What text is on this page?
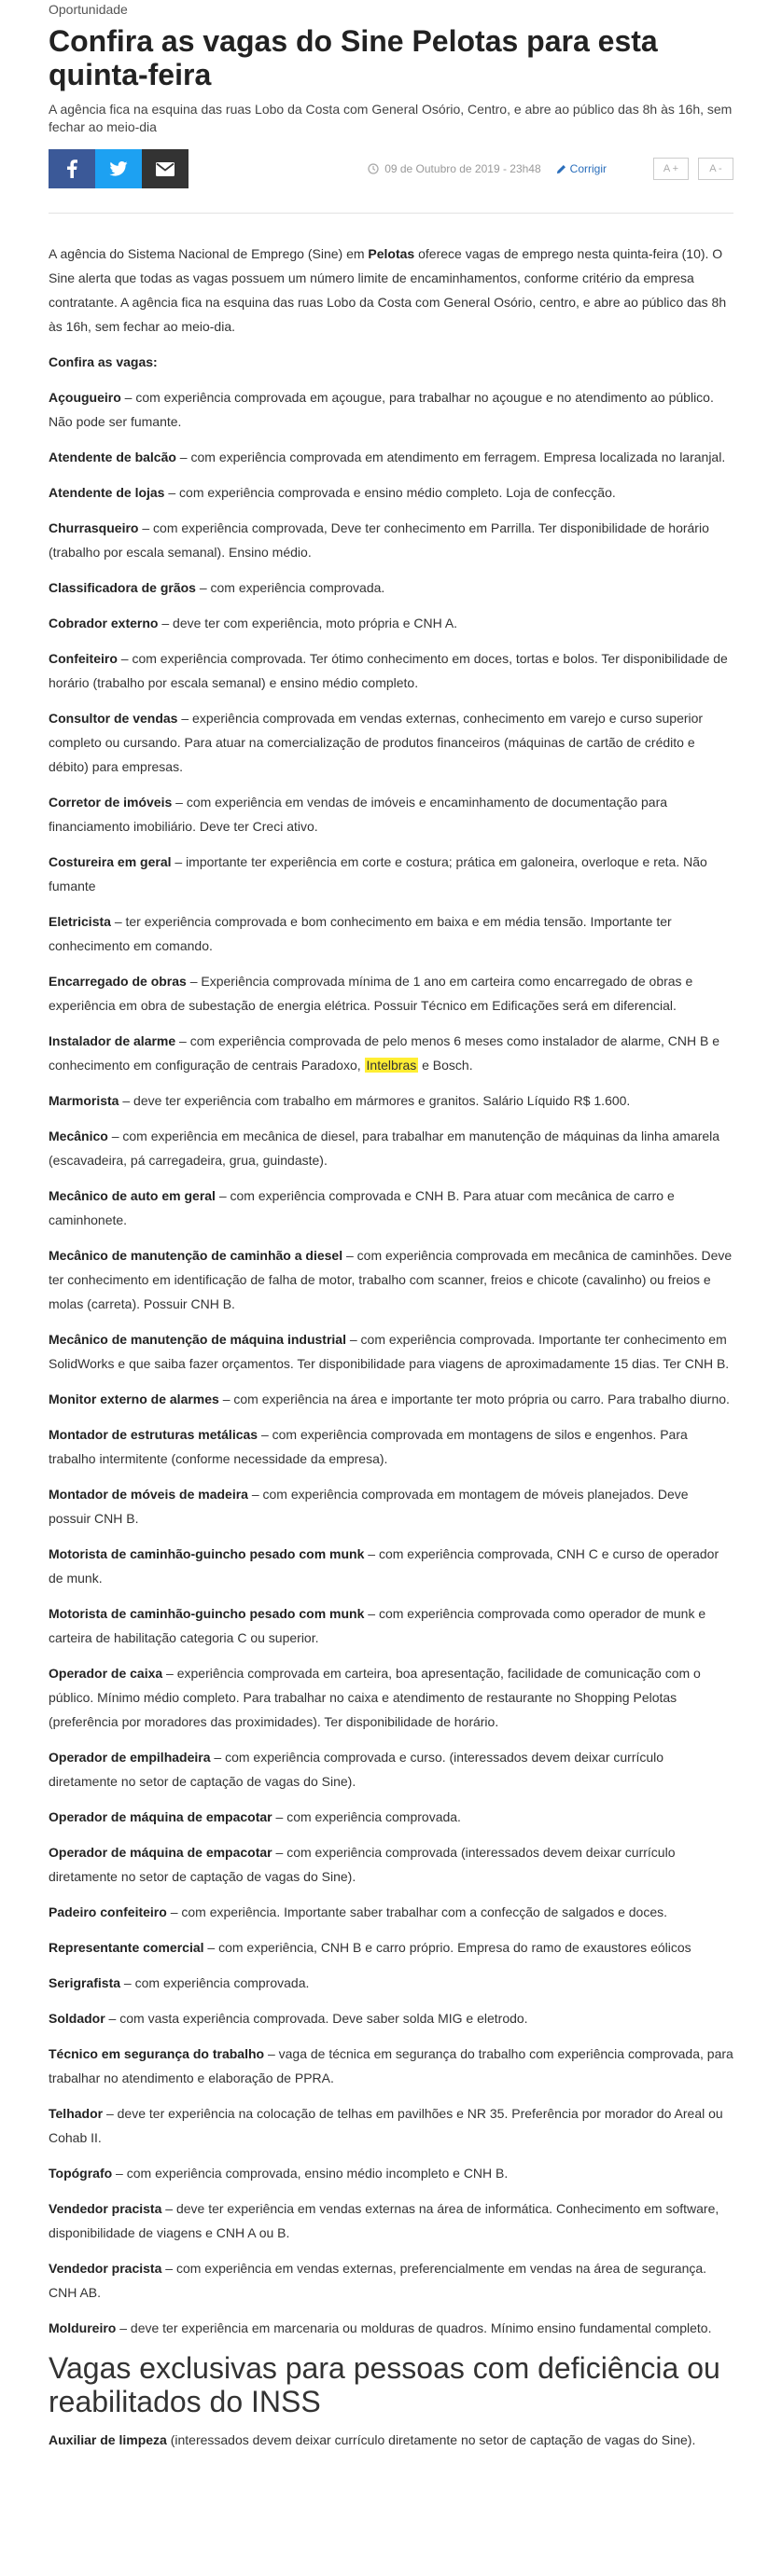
Oportunidade
Confira as vagas do Sine Pelotas para esta quinta-feira

A agência fica na esquina das ruas Lobo da Costa com General Osório, Centro, e abre ao público das 8h às 16h, sem fechar ao meio-dia

09 de Outubro de 2019 - 23h48	Corrigir	A +	A -

A agência do Sistema Nacional de Emprego (Sine) em Pelotas oferece vagas de emprego nesta quinta-feira (10). O Sine alerta que todas as vagas possuem um número limite de encaminhamentos, conforme critério da empresa contratante. A agência fica na esquina das ruas Lobo da Costa com General Osório, centro, e abre ao público das 8h às 16h, sem fechar ao meio-dia.

Confira as vagas:

Açougueiro – com experiência comprovada em açougue, para trabalhar no açougue e no atendimento ao público. Não pode ser fumante.

Atendente de balcão – com experiência comprovada em atendimento em ferragem. Empresa localizada no laranjal.

Atendente de lojas – com experiência comprovada e ensino médio completo. Loja de confecção.

Churrasqueiro – com experiência comprovada, Deve ter conhecimento em Parrilla. Ter disponibilidade de horário (trabalho por escala semanal). Ensino médio.

Classificadora de grãos – com experiência comprovada.

Cobrador externo – deve ter com experiência, moto própria e CNH A.

Confeiteiro – com experiência comprovada. Ter ótimo conhecimento em doces, tortas e bolos. Ter disponibilidade de horário (trabalho por escala semanal) e ensino médio completo.

Consultor de vendas – experiência comprovada em vendas externas, conhecimento em varejo e curso superior completo ou cursando. Para atuar na comercialização de produtos financeiros (máquinas de cartão de crédito e débito) para empresas.

Corretor de imóveis – com experiência em vendas de imóveis e encaminhamento de documentação para financiamento imobiliário. Deve ter Creci ativo.

Costureira em geral – importante ter experiência em corte e costura; prática em galoneira, overloque e reta. Não fumante

Eletricista – ter experiência comprovada e bom conhecimento em baixa e em média tensão. Importante ter conhecimento em comando.

Encarregado de obras – Experiência comprovada mínima de 1 ano em carteira como encarregado de obras e experiência em obra de subestação de energia elétrica. Possuir Técnico em Edificações será em diferencial.

Instalador de alarme – com experiência comprovada de pelo menos 6 meses como instalador de alarme, CNH B e conhecimento em configuração de centrais Paradoxo, Intelbras e Bosch.

Marmorista – deve ter experiência com trabalho em mármores e granitos. Salário Líquido R$ 1.600.

Mecânico – com experiência em mecânica de diesel, para trabalhar em manutenção de máquinas da linha amarela (escavadeira, pá carregadeira, grua, guindaste).

Mecânico de auto em geral – com experiência comprovada e CNH B. Para atuar com mecânica de carro e caminhonete.

Mecânico de manutenção de caminhão a diesel – com experiência comprovada em mecânica de caminhões. Deve ter conhecimento em identificação de falha de motor, trabalho com scanner, freios e chicote (cavalinho) ou freios e molas (carreta). Possuir CNH B.

Mecânico de manutenção de máquina industrial – com experiência comprovada. Importante ter conhecimento em SolidWorks e que saiba fazer orçamentos. Ter disponibilidade para viagens de aproximadamente 15 dias. Ter CNH B.

Monitor externo de alarmes – com experiência na área e importante ter moto própria ou carro. Para trabalho diurno.

Montador de estruturas metálicas – com experiência comprovada em montagens de silos e engenhos. Para trabalho intermitente (conforme necessidade da empresa).

Montador de móveis de madeira – com experiência comprovada em montagem de móveis planejados. Deve possuir CNH B.

Motorista de caminhão-guincho pesado com munk – com experiência comprovada, CNH C e curso de operador de munk.

Motorista de caminhão-guincho pesado com munk – com experiência comprovada como operador de munk e carteira de habilitação categoria C ou superior.

Operador de caixa – experiência comprovada em carteira, boa apresentação, facilidade de comunicação com o público. Mínimo médio completo. Para trabalhar no caixa e atendimento de restaurante no Shopping Pelotas (preferência por moradores das proximidades). Ter disponibilidade de horário.

Operador de empilhadeira – com experiência comprovada e curso. (interessados devem deixar currículo diretamente no setor de captação de vagas do Sine).

Operador de máquina de empacotar – com experiência comprovada.

Operador de máquina de empacotar – com experiência comprovada (interessados devem deixar currículo diretamente no setor de captação de vagas do Sine).

Padeiro confeiteiro – com experiência. Importante saber trabalhar com a confecção de salgados e doces.

Representante comercial – com experiência, CNH B e carro próprio. Empresa do ramo de exaustores eólicos

Serigrafista – com experiência comprovada.

Soldador – com vasta experiência comprovada. Deve saber solda MIG e eletrodo.

Técnico em segurança do trabalho – vaga de técnica em segurança do trabalho com experiência comprovada, para trabalhar no atendimento e elaboração de PPRA.

Telhador – deve ter experiência na colocação de telhas em pavilhões e NR 35. Preferência por morador do Areal ou Cohab II.

Topógrafo – com experiência comprovada, ensino médio incompleto e CNH B.

Vendedor pracista – deve ter experiência em vendas externas na área de informática. Conhecimento em software, disponibilidade de viagens e CNH A ou B.

Vendedor pracista – com experiência em vendas externas, preferencialmente em vendas na área de segurança. CNH AB.

Moldureiro – deve ter experiência em marcenaria ou molduras de quadros. Mínimo ensino fundamental completo.

Vagas exclusivas para pessoas com deficiência ou reabilitados do INSS

Auxiliar de limpeza (interessados devem deixar currículo diretamente no setor de captação de vagas do Sine).
